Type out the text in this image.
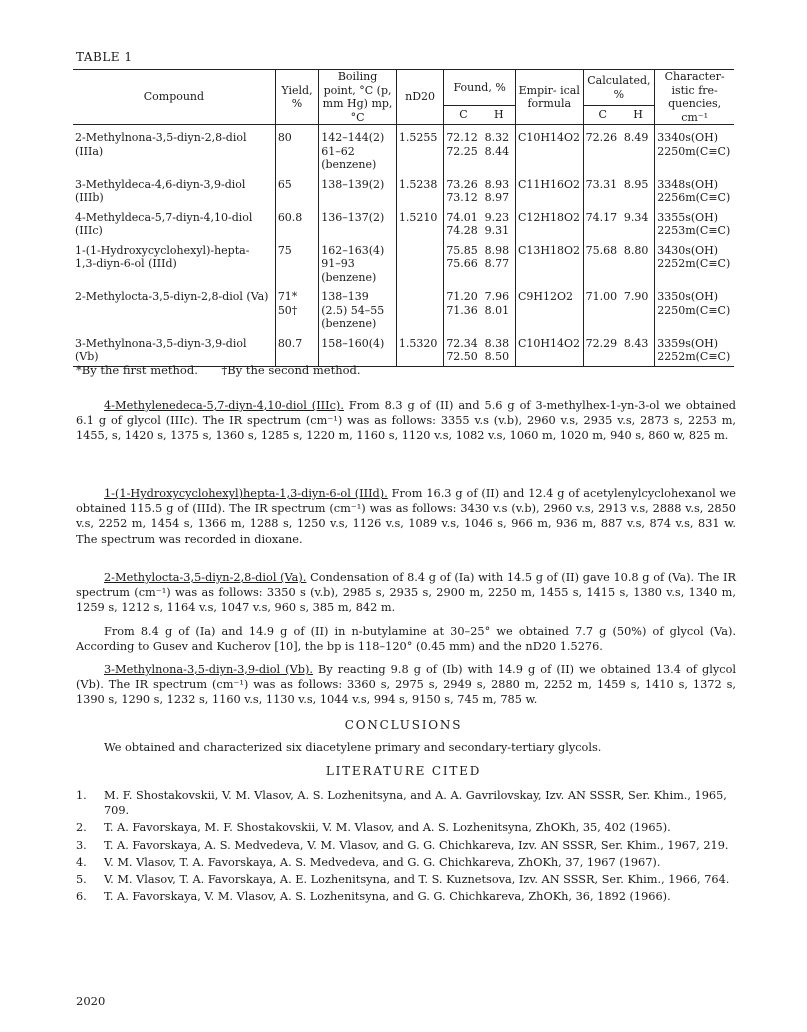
TABLE 1
Compound	Yield, %	Boiling point, °C (p, mm Hg) mp, °C	nD20	Found, %		Empir- ical formula	Calculated, %		Character- istic fre- quencies, cm⁻¹
				C	H		C	H	
2-Methylnona-3,5-diyn-2,8-diol (IIIa)	80	142–144(2) 61–62 (benzene)	1.5255	72.12 72.25	8.32 8.44	C10H14O2	72.26	8.49	3340s(OH) 2250m(C≡C)
3-Methyldeca-4,6-diyn-3,9-diol (IIIb)	65	138–139(2)	1.5238	73.26 73.12	8.93 8.97	C11H16O2	73.31	8.95	3348s(OH) 2256m(C≡C)
4-Methyldeca-5,7-diyn-4,10-diol (IIIc)	60.8	136–137(2)	1.5210	74.01 74.28	9.23 9.31	C12H18O2	74.17	9.34	3355s(OH) 2253m(C≡C)
1-(1-Hydroxycyclohexyl)-hepta- 1,3-diyn-6-ol (IIId)	75	162–163(4) 91–93 (benzene)		75.85 75.66	8.98 8.77	C13H18O2	75.68	8.80	3430s(OH) 2252m(C≡C)
2-Methylocta-3,5-diyn-2,8-diol (Va)	71* 50†	138–139 (2.5) 54–55 (benzene)		71.20 71.36	7.96 8.01	C9H12O2	71.00	7.90	3350s(OH) 2250m(C≡C)
3-Methylnona-3,5-diyn-3,9-diol (Vb)	80.7	158–160(4)	1.5320	72.34 72.50	8.38 8.50	C10H14O2	72.29	8.43	3359s(OH) 2252m(C≡C)
*By the first method. †By the second method.
4-Methylenedeca-5,7-diyn-4,10-diol (IIIc). From 8.3 g of (II) and 5.6 g of 3-methylhex-1-yn-3-ol we obtained 6.1 g of glycol (IIIc). The IR spectrum (cm⁻¹) was as follows: 3355 v.s (v.b), 2960 v.s, 2935 v.s, 2873 s, 2253 m, 1455, s, 1420 s, 1375 s, 1360 s, 1285 s, 1220 m, 1160 s, 1120 v.s, 1082 v.s, 1060 m, 1020 m, 940 s, 860 w, 825 m.
1-(1-Hydroxycyclohexyl)hepta-1,3-diyn-6-ol (IIId). From 16.3 g of (II) and 12.4 g of acetylenylcyclohexanol we obtained 115.5 g of (IIId). The IR spectrum (cm⁻¹) was as follows: 3430 v.s (v.b), 2960 v.s, 2913 v.s, 2888 v.s, 2850 v.s, 2252 m, 1454 s, 1366 m, 1288 s, 1250 v.s, 1126 v.s, 1089 v.s, 1046 s, 966 m, 936 m, 887 v.s, 874 v.s, 831 w. The spectrum was recorded in dioxane.
2-Methylocta-3,5-diyn-2,8-diol (Va). Condensation of 8.4 g of (Ia) with 14.5 g of (II) gave 10.8 g of (Va). The IR spectrum (cm⁻¹) was as follows: 3350 s (v.b), 2985 s, 2935 s, 2900 m, 2250 m, 1455 s, 1415 s, 1380 v.s, 1340 m, 1259 s, 1212 s, 1164 v.s, 1047 v.s, 960 s, 385 m, 842 m.
From 8.4 g of (Ia) and 14.9 g of (II) in n-butylamine at 30–25° we obtained 7.7 g (50%) of glycol (Va). According to Gusev and Kucherov [10], the bp is 118–120° (0.45 mm) and the nD20 1.5276.
3-Methylnona-3,5-diyn-3,9-diol (Vb). By reacting 9.8 g of (Ib) with 14.9 g of (II) we obtained 13.4 of glycol (Vb). The IR spectrum (cm⁻¹) was as follows: 3360 s, 2975 s, 2949 s, 2880 m, 2252 m, 1459 s, 1410 s, 1372 s, 1390 s, 1290 s, 1232 s, 1160 v.s, 1130 v.s, 1044 v.s, 994 s, 9150 s, 745 m, 785 w.
CONCLUSIONS
We obtained and characterized six diacetylene primary and secondary-tertiary glycols.
LITERATURE CITED
1.	M. F. Shostakovskii, V. M. Vlasov, A. S. Lozhenitsyna, and A. A. Gavrilovskay, Izv. AN SSSR, Ser. Khim., 1965, 709.
2.	T. A. Favorskaya, M. F. Shostakovskii, V. M. Vlasov, and A. S. Lozhenitsyna, ZhOKh, 35, 402 (1965).
3.	T. A. Favorskaya, A. S. Medvedeva, V. M. Vlasov, and G. G. Chichkareva, Izv. AN SSSR, Ser. Khim., 1967, 219.
4.	V. M. Vlasov, T. A. Favorskaya, A. S. Medvedeva, and G. G. Chichkareva, ZhOKh, 37, 1967 (1967).
5.	V. M. Vlasov, T. A. Favorskaya, A. E. Lozhenitsyna, and T. S. Kuznetsova, Izv. AN SSSR, Ser. Khim., 1966, 764.
6.	T. A. Favorskaya, V. M. Vlasov, A. S. Lozhenitsyna, and G. G. Chichkareva, ZhOKh, 36, 1892 (1966).
2020
